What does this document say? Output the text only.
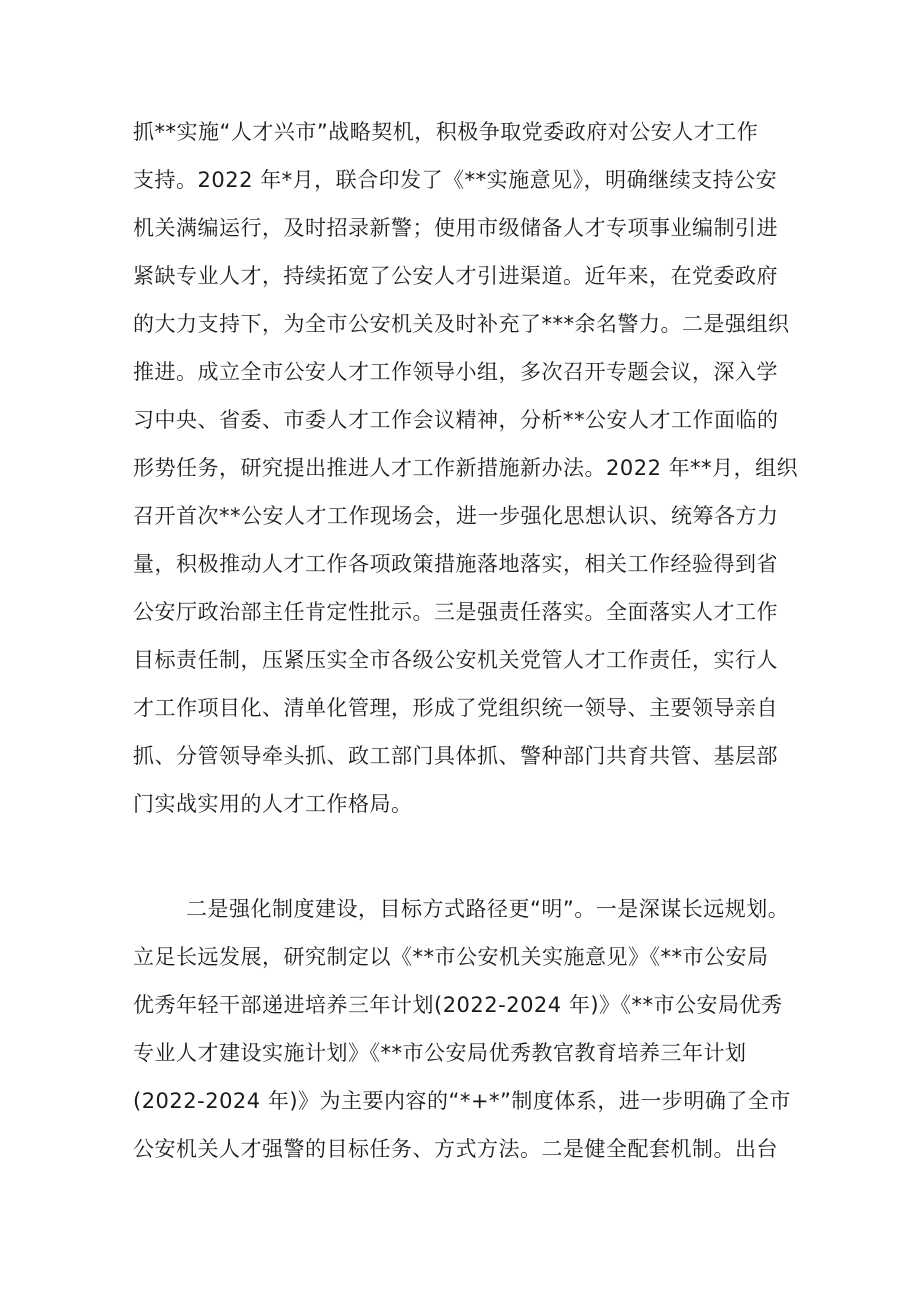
抓**实施“人才兴市”战略契机，积极争取党委政府对公安人才工作
支持。2022 年*月，联合印发了《**实施意见》，明确继续支持公安
机关满编运行，及时招录新警；使用市级储备人才专项事业编制引进
紧缺专业人才，持续拓宽了公安人才引进渠道。近年来，在党委政府
的大力支持下，为全市公安机关及时补充了***余名警力。二是强组织
推进。成立全市公安人才工作领导小组，多次召开专题会议，深入学
习中央、省委、市委人才工作会议精神，分析**公安人才工作面临的
形势任务，研究提出推进人才工作新措施新办法。2022 年**月，组织
召开首次**公安人才工作现场会，进一步强化思想认识、统筹各方力
量，积极推动人才工作各项政策措施落地落实，相关工作经验得到省
公安厅政治部主任肯定性批示。三是强责任落实。全面落实人才工作
目标责任制，压紧压实全市各级公安机关党管人才工作责任，实行人
才工作项目化、清单化管理，形成了党组织统一领导、主要领导亲自
抓、分管领导牵头抓、政工部门具体抓、警种部门共育共管、基层部
门实战实用的人才工作格局。
二是强化制度建设，目标方式路径更“明”。一是深谋长远规划。
立足长远发展，研究制定以《**市公安机关实施意见》《**市公安局
优秀年轻干部递进培养三年计划(2022-2024 年)》《**市公安局优秀
专业人才建设实施计划》《**市公安局优秀教官教育培养三年计划
(2022-2024 年)》为主要内容的“*+*”制度体系，进一步明确了全市
公安机关人才强警的目标任务、方式方法。二是健全配套机制。出台
